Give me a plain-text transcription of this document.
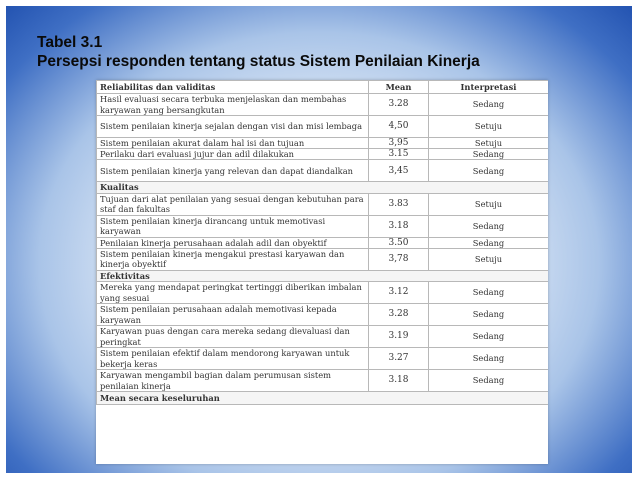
Tabel 3.1
Persepsi responden tentang status Sistem Penilaian Kinerja
Reliabilitas dan validitas	Mean	Interpretasi
Hasil evaluasi secara terbuka menjelaskan dan membahas karyawan yang bersangkutan	3.28	Sedang
Sistem penilaian kinerja sejalan dengan visi dan misi lembaga	4,50	Setuju
Sistem penilaian akurat dalam hal isi dan tujuan	3,95	Setuju
Perilaku dari evaluasi jujur dan adil dilakukan	3.15	Sedang
Sistem penilaian kinerja yang relevan dan dapat diandalkan	3,45	Sedang
Kualitas		
Tujuan dari alat penilaian yang sesuai dengan kebutuhan para staf dan fakultas	3.83	Setuju
Sistem penilaian kinerja dirancang untuk memotivasi karyawan	3.18	Sedang
Penilaian kinerja perusahaan adalah adil dan obyektif	3.50	Sedang
Sistem penilaian kinerja mengakui prestasi karyawan dan kinerja obyektif	3,78	Setuju
Efektivitas		
Mereka yang mendapat peringkat tertinggi diberikan imbalan yang sesuai	3.12	Sedang
Sistem penilaian perusahaan adalah memotivasi kepada karyawan	3.28	Sedang
Karyawan puas dengan cara mereka sedang dievaluasi dan peringkat	3.19	Sedang
Sistem penilaian efektif dalam mendorong karyawan untuk bekerja keras	3.27	Sedang
Karyawan mengambil bagian dalam perumusan sistem penilaian kinerja	3.18	Sedang
Mean secara keseluruhan		
